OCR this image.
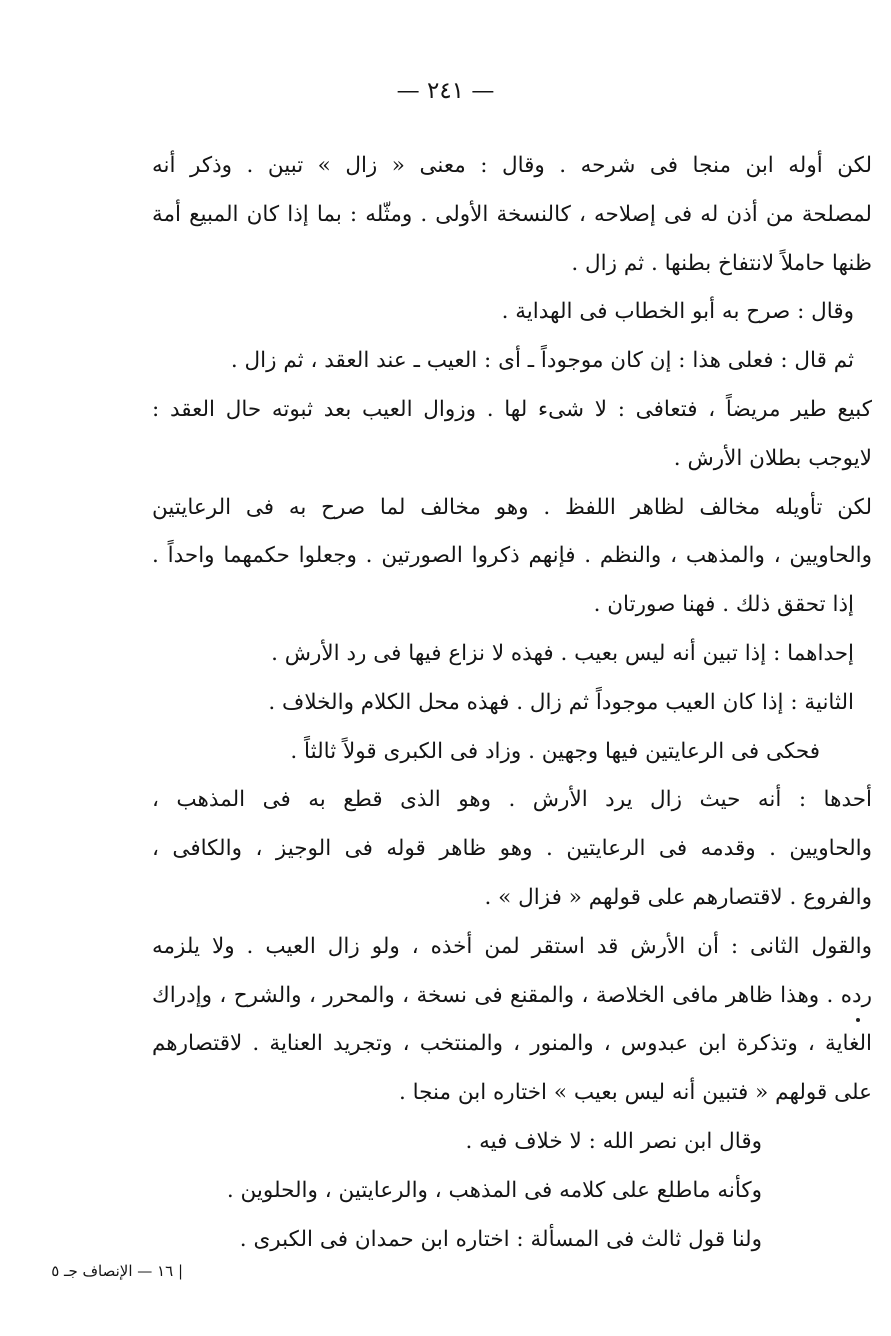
— ٢٤١ —
لكن أوله ابن منجا فى شرحه . وقال : معنى « زال » تبين . وذكر أنه
لمصلحة من أذن له فى إصلاحه ، كالنسخة الأولى . ومثّله : بما إذا كان المبيع أمة
ظنها حاملاً لانتفاخ بطنها . ثم زال .
وقال : صرح به أبو الخطاب فى الهداية .
ثم قال : فعلى هذا : إن كان موجوداً ـ أى : العيب ـ عند العقد ، ثم زال .
كبيع طير مريضاً ، فتعافى : لا شىء لها . وزوال العيب بعد ثبوته حال العقد :
لايوجب بطلان الأرش .
لكن تأويله مخالف لظاهر اللفظ . وهو مخالف لما صرح به فى الرعايتين
والحاويين ، والمذهب ، والنظم . فإنهم ذكروا الصورتين . وجعلوا حكمهما واحداً .
إذا تحقق ذلك . فهنا صورتان .
إحداهما : إذا تبين أنه ليس بعيب . فهذه لا نزاع فيها فى رد الأرش .
الثانية : إذا كان العيب موجوداً ثم زال . فهذه محل الكلام والخلاف .
فحكى فى الرعايتين فيها وجهين . وزاد فى الكبرى قولاً ثالثاً .
أحدها : أنه حيث زال يرد الأرش . وهو الذى قطع به فى المذهب ،
والحاويين . وقدمه فى الرعايتين . وهو ظاهر قوله فى الوجيز ، والكافى ،
والفروع . لاقتصارهم على قولهم « فزال » .
والقول الثانى : أن الأرش قد استقر لمن أخذه ، ولو زال العيب . ولا يلزمه
رده . وهذا ظاهر مافى الخلاصة ، والمقنع فى نسخة ، والمحرر ، والشرح ، وإدراك
الغاية ، وتذكرة ابن عبدوس ، والمنور ، والمنتخب ، وتجريد العناية . لاقتصارهم
على قولهم « فتبين أنه ليس بعيب » اختاره ابن منجا .
وقال ابن نصر الله : لا خلاف فيه .
وكأنه ماطلع على كلامه فى المذهب ، والرعايتين ، والحلوين .
ولنا قول ثالث فى المسألة : اختاره ابن حمدان فى الكبرى .
| ١٦ — الإنصاف جـ ٥
